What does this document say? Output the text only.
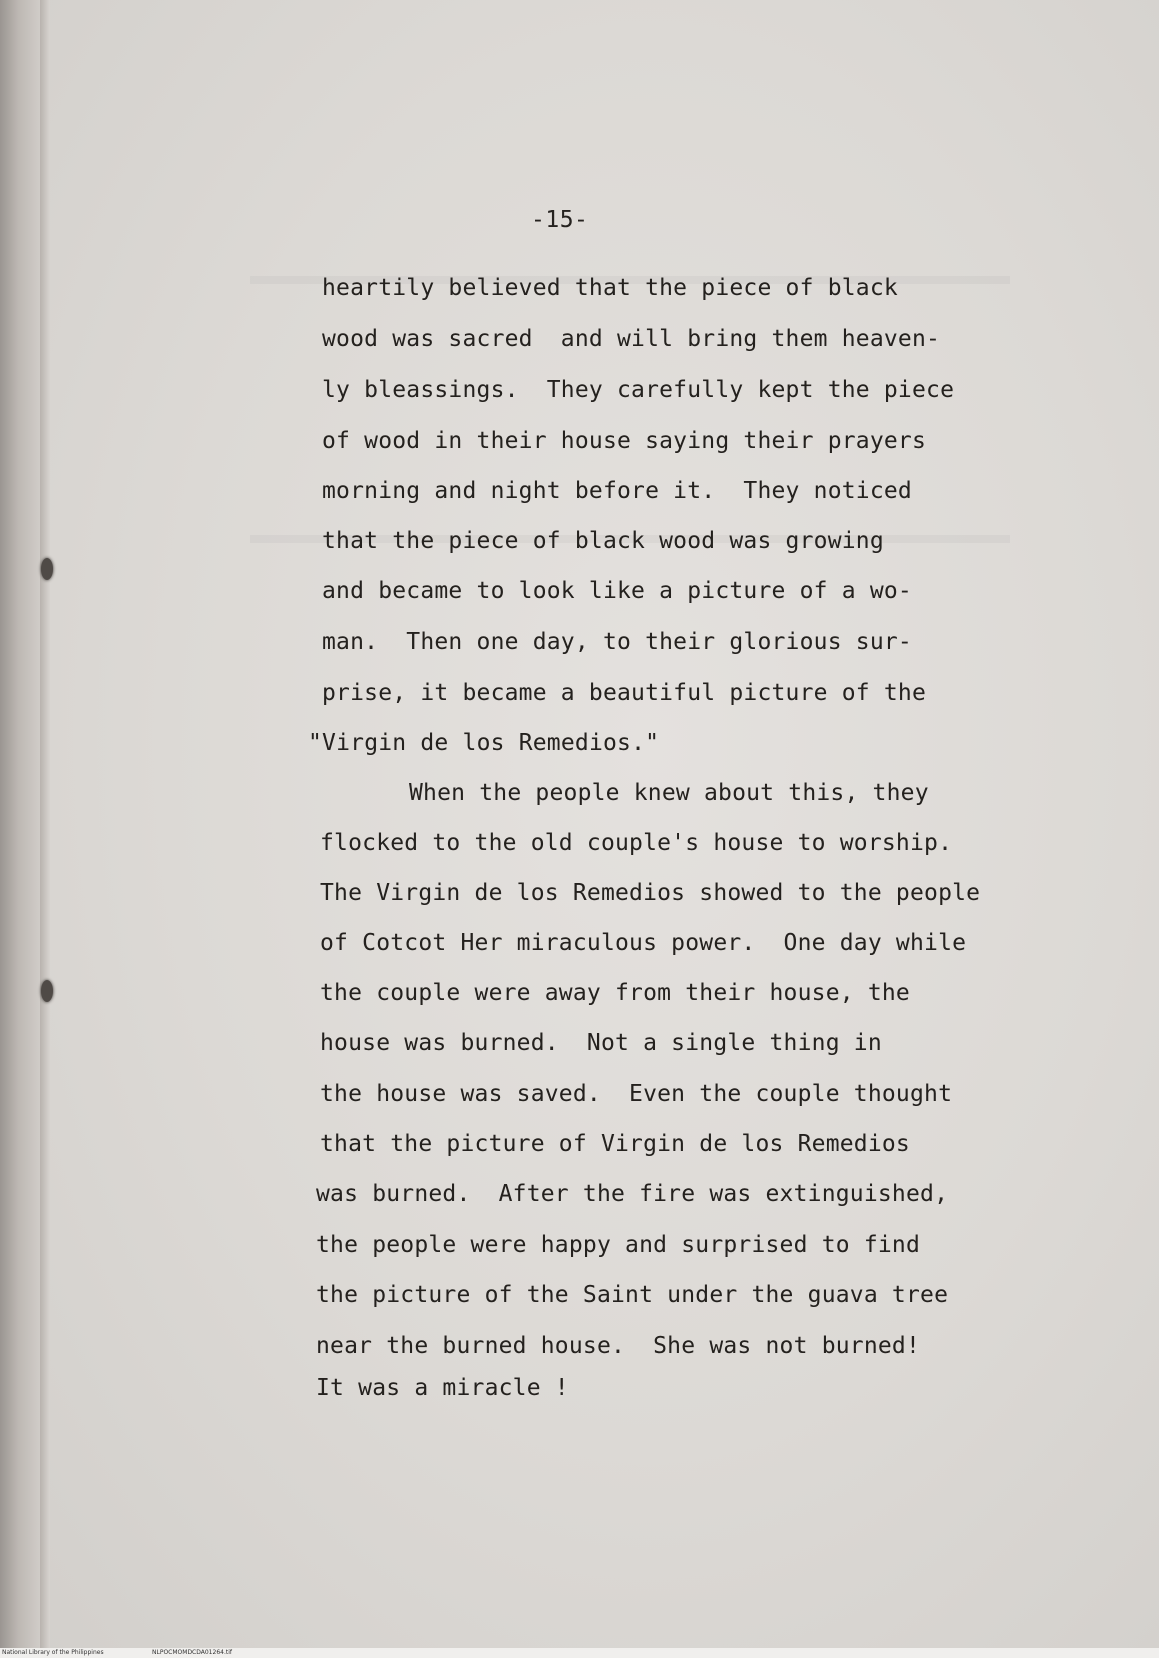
-15-
heartily believed that the piece of black
wood was sacred  and will bring them heaven-
ly bleassings.  They carefully kept the piece
of wood in their house saying their prayers
morning and night before it.  They noticed
that the piece of black wood was growing
and became to look like a picture of a wo-
man.  Then one day, to their glorious sur-
prise, it became a beautiful picture of the
"Virgin de los Remedios."
When the people knew about this, they
flocked to the old couple's house to worship.
The Virgin de los Remedios showed to the people
of Cotcot Her miraculous power.  One day while
the couple were away from their house, the
house was burned.  Not a single thing in
the house was saved.  Even the couple thought
that the picture of Virgin de los Remedios
was burned.  After the fire was extinguished,
the people were happy and surprised to find
the picture of the Saint under the guava tree
near the burned house.  She was not burned!
It was a miracle !
National Library of the Philippines	NLPOCMOMDCDA01264.tif
